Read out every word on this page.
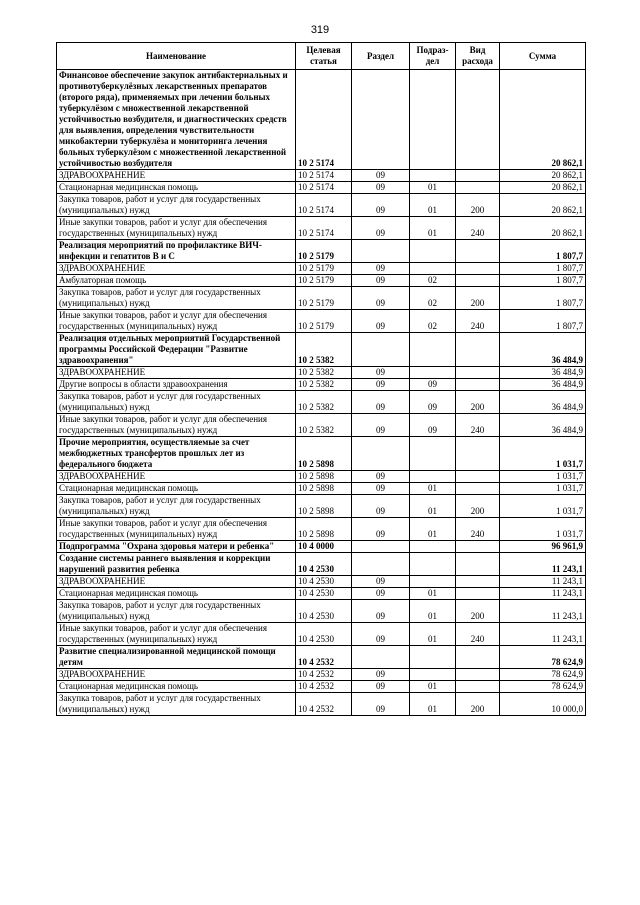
319
Наименование	Целевая статья	Раздел	Подраз-дел	Вид расхода	Сумма
Финансовое обеспечение закупок антибактериальных и противотуберкулёзных лекарственных препаратов (второго ряда), применяемых при лечении больных туберкулёзом с множественной лекарственной устойчивостью возбудителя, и диагностических средств для выявления, определения чувствительности микобактерии туберкулёза и мониторинга лечения больных туберкулёзом с множественной лекарственной устойчивостью возбудителя	10 2 5174				20 862,1
ЗДРАВООХРАНЕНИЕ	10 2 5174	09			20 862,1
Стационарная медицинская помощь	10 2 5174	09	01		20 862,1
Закупка товаров, работ и услуг для государственных (муниципальных) нужд	10 2 5174	09	01	200	20 862,1
Иные закупки товаров, работ и услуг для обеспечения государственных (муниципальных) нужд	10 2 5174	09	01	240	20 862,1
Реализация мероприятий по профилактике ВИЧ-инфекции и гепатитов В и С	10 2 5179				1 807,7
ЗДРАВООХРАНЕНИЕ	10 2 5179	09			1 807,7
Амбулаторная помощь	10 2 5179	09	02		1 807,7
Закупка товаров, работ и услуг для государственных (муниципальных) нужд	10 2 5179	09	02	200	1 807,7
Иные закупки товаров, работ и услуг для обеспечения государственных (муниципальных) нужд	10 2 5179	09	02	240	1 807,7
Реализация отдельных мероприятий Государственной программы Российской Федерации "Развитие здравоохранения"	10 2 5382				36 484,9
ЗДРАВООХРАНЕНИЕ	10 2 5382	09			36 484,9
Другие вопросы в области здравоохранения	10 2 5382	09	09		36 484,9
Закупка товаров, работ и услуг для государственных (муниципальных) нужд	10 2 5382	09	09	200	36 484,9
Иные закупки товаров, работ и услуг для обеспечения государственных (муниципальных) нужд	10 2 5382	09	09	240	36 484,9
Прочие мероприятия, осуществляемые за счет межбюджетных трансфертов прошлых лет из федерального бюджета	10 2 5898				1 031,7
ЗДРАВООХРАНЕНИЕ	10 2 5898	09			1 031,7
Стационарная медицинская помощь	10 2 5898	09	01		1 031,7
Закупка товаров, работ и услуг для государственных (муниципальных) нужд	10 2 5898	09	01	200	1 031,7
Иные закупки товаров, работ и услуг для обеспечения государственных (муниципальных) нужд	10 2 5898	09	01	240	1 031,7
Подпрограмма "Охрана здоровья матери и ребенка"	10 4 0000				96 961,9
Создание системы раннего выявления и коррекции нарушений развития ребенка	10 4 2530				11 243,1
ЗДРАВООХРАНЕНИЕ	10 4 2530	09			11 243,1
Стационарная медицинская помощь	10 4 2530	09	01		11 243,1
Закупка товаров, работ и услуг для государственных (муниципальных) нужд	10 4 2530	09	01	200	11 243,1
Иные закупки товаров, работ и услуг для обеспечения государственных (муниципальных) нужд	10 4 2530	09	01	240	11 243,1
Развитие специализированной медицинской помощи детям	10 4 2532				78 624,9
ЗДРАВООХРАНЕНИЕ	10 4 2532	09			78 624,9
Стационарная медицинская помощь	10 4 2532	09	01		78 624,9
Закупка товаров, работ и услуг для государственных (муниципальных) нужд	10 4 2532	09	01	200	10 000,0
